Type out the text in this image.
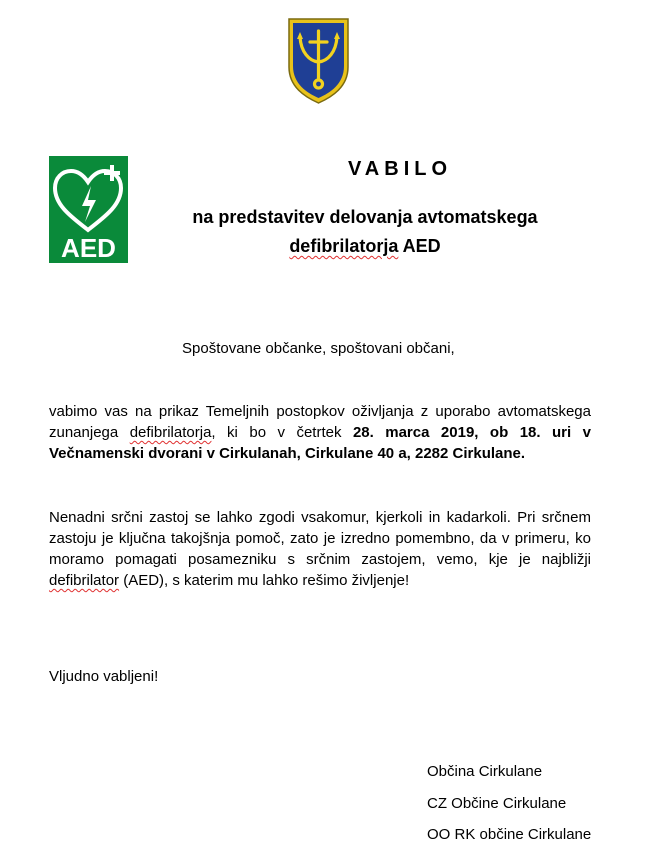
AED
VABILO
na predstavitev delovanja avtomatskega
defibrilatorja AED
Spoštovane občanke, spoštovani občani,
vabimo vas na prikaz Temeljnih postopkov oživljanja z uporabo avtomatskega zunanjega defibrilatorja, ki bo v četrtek 28. marca 2019, ob 18. uri v Večnamenski dvorani v Cirkulanah, Cirkulane 40 a, 2282 Cirkulane.
Nenadni srčni zastoj se lahko zgodi vsakomur, kjerkoli in kadarkoli. Pri srčnem zastoju je ključna takojšnja pomoč, zato je izredno pomembno, da v primeru, ko moramo pomagati posamezniku s srčnim zastojem, vemo, kje je najbližji defibrilator (AED), s katerim mu lahko rešimo življenje!
Vljudno vabljeni!
Občina Cirkulane
CZ Občine Cirkulane
OO RK občine Cirkulane
